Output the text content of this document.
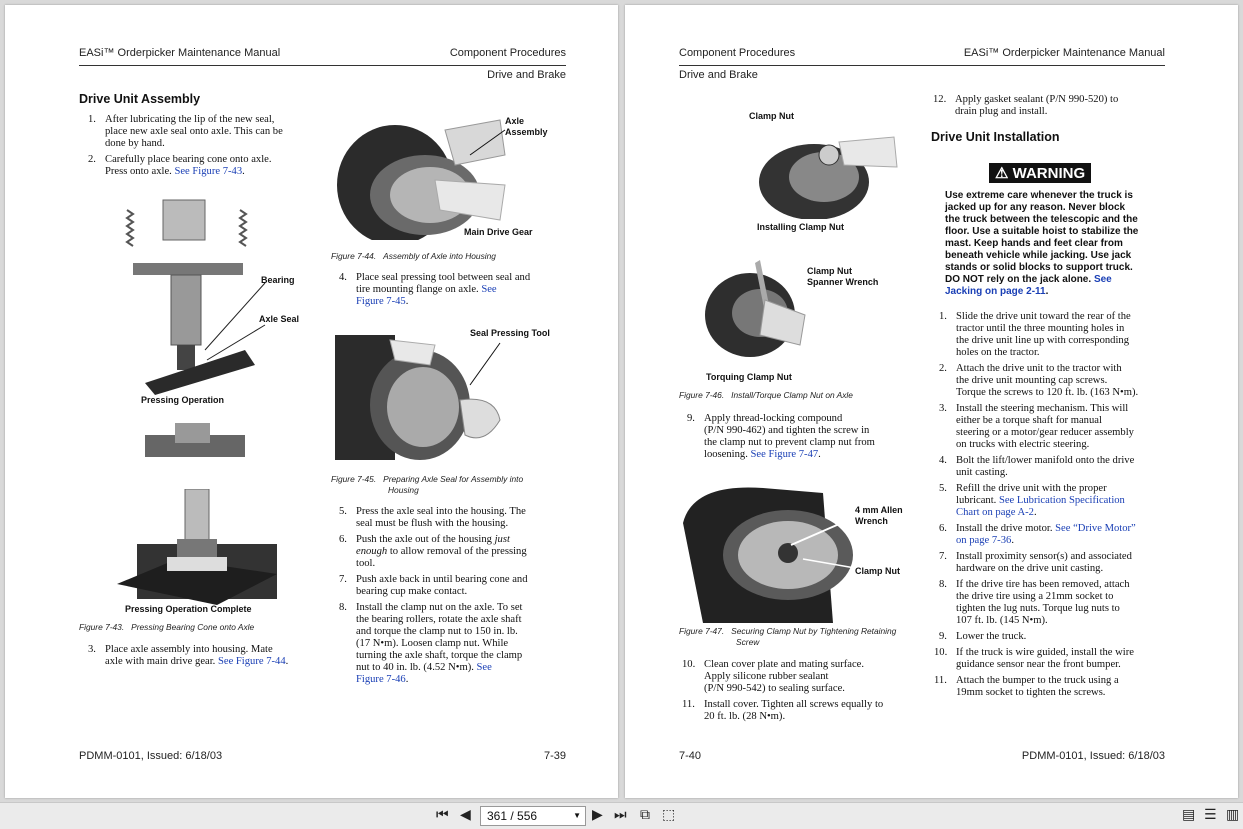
EASi™ Orderpicker Maintenance Manual	Component Procedures
Drive and Brake
Drive Unit Assembly
1. After lubricating the lip of the new seal,
place new axle seal onto axle. This can be
done by hand.
2. Carefully place bearing cone onto axle.
Press onto axle. See Figure 7-43.
Bearing
Axle Seal
Pressing Operation
Pressing Operation Complete
Figure 7-43. Pressing Bearing Cone onto Axle
3. Place axle assembly into housing. Mate
axle with main drive gear. See Figure 7-44.
Axle
Assembly
Main Drive Gear
Figure 7-44. Assembly of Axle into Housing
4. Place seal pressing tool between seal and
tire mounting flange on axle. See
Figure 7-45.
Seal Pressing Tool
Figure 7-45. Preparing Axle Seal for Assembly into
Housing
5. Press the axle seal into the housing. The
seal must be flush with the housing.
6. Push the axle out of the housing just
enough to allow removal of the pressing
tool.
7. Push axle back in until bearing cone and
bearing cup make contact.
8. Install the clamp nut on the axle. To set
the bearing rollers, rotate the axle shaft
and torque the clamp nut to 150 in. lb.
(17 N•m). Loosen clamp nut. While
turning the axle shaft, torque the clamp
nut to 40 in. lb. (4.52 N•m). See
Figure 7-46.
PDMM-0101, Issued: 6/18/03	7-39
Component Procedures	EASi™ Orderpicker Maintenance Manual
Drive and Brake
Clamp Nut
Installing Clamp Nut
Clamp Nut
Spanner Wrench
Torquing Clamp Nut
Figure 7-46. Install/Torque Clamp Nut on Axle
9. Apply thread-locking compound
(P/N 990-462) and tighten the screw in
the clamp nut to prevent clamp nut from
loosening. See Figure 7-47.
4 mm Allen
Wrench
Clamp Nut
Figure 7-47. Securing Clamp Nut by Tightening Retaining
Screw
10. Clean cover plate and mating surface.
Apply silicone rubber sealant
(P/N 990-542) to sealing surface.
11. Install cover. Tighten all screws equally to
20 ft. lb. (28 N•m).
12. Apply gasket sealant (P/N 990-520) to
drain plug and install.
Drive Unit Installation
⚠ WARNING
Use extreme care whenever the truck is
jacked up for any reason. Never block
the truck between the telescopic and the
floor. Use a suitable hoist to stabilize the
mast. Keep hands and feet clear from
beneath vehicle while jacking. Use jack
stands or solid blocks to support truck.
DO NOT rely on the jack alone. See
Jacking on page 2-11.
1. Slide the drive unit toward the rear of the
tractor until the three mounting holes in
the drive unit line up with corresponding
holes on the tractor.
2. Attach the drive unit to the tractor with
the drive unit mounting cap screws.
Torque the screws to 120 ft. lb. (163 N•m).
3. Install the steering mechanism. This will
either be a torque shaft for manual
steering or a motor/gear reducer assembly
on trucks with electric steering.
4. Bolt the lift/lower manifold onto the drive
unit casting.
5. Refill the drive unit with the proper
lubricant. See Lubrication Specification
Chart on page A-2.
6. Install the drive motor. See “Drive Motor”
on page 7-36.
7. Install proximity sensor(s) and associated
hardware on the drive unit casting.
8. If the drive tire has been removed, attach
the drive tire using a 21mm socket to
tighten the lug nuts. Torque lug nuts to
107 ft. lb. (145 N•m).
9. Lower the truck.
10. If the truck is wire guided, install the wire
guidance sensor near the front bumper.
11. Attach the bumper to the truck using a
19mm socket to tighten the screws.
7-40	PDMM-0101, Issued: 6/18/03
⏮ ◀	361 / 556	▼ ▶ ⏭ ⧉ ⬚	▤ ☰ ▥
